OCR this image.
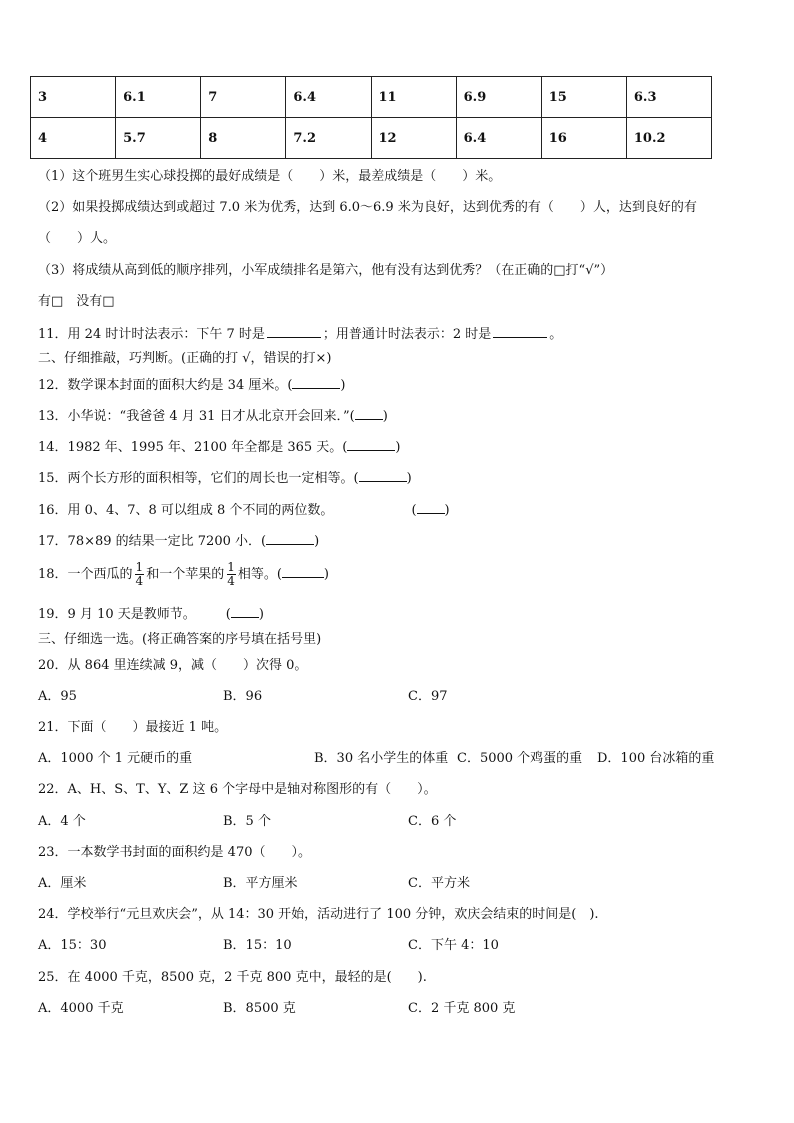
3	6.1	7	6.4	11	6.9	15	6.3
4	5.7	8	7.2	12	6.4	16	10.2
（1）这个班男生实心球投掷的最好成绩是（　　）米，最差成绩是（　　）米。
（2）如果投掷成绩达到或超过 7.0 米为优秀，达到 6.0～6.9 米为良好，达到优秀的有（　　）人，达到良好的有
（　　）人。
（3）将成绩从高到低的顺序排列，小军成绩排名是第六，他有没有达到优秀？（在正确的□打“√”）
有□　没有□
11．用 24 时计时法表示：下午 7 时是	；用普通计时法表示：2 时是	。
二、仔细推敲，巧判断。(正确的打 √，错误的打×)
12．数学课本封面的面积大约是 34 厘米。(	)
13．小华说：“我爸爸 4 月 31 日才从北京开会回来．”( )
14．1982 年、1995 年、2100 年全都是 365 天。(	)
15．两个长方形的面积相等，它们的周长也一定相等。(	)
16．用 0、4、7、8 可以组成 8 个不同的两位数。	( )
17．78×89 的结果一定比 7200 小．(	)
18．一个西瓜的 $\frac{1}{4}$ 和一个苹果的 $\frac{1}{4}$ 相等。(	)
19．9 月 10 天是教师节。 ( )
三、仔细选一选。(将正确答案的序号填在括号里)
20．从 864 里连续减 9，减（　　）次得 0。
A．95	B．96	C．97
21．下面（　　）最接近 1 吨。
A．1000 个 1 元硬币的重	B．30 名小学生的体重 C．5000 个鸡蛋的重	D．100 台冰箱的重
22．A、H、S、T、Y、Z 这 6 个字母中是轴对称图形的有（　　）。
A．4 个	B．5 个	C．6 个
23．一本数学书封面的面积约是 470（　　）。
A．厘米	B．平方厘米	C．平方米
24．学校举行“元旦欢庆会”，从 14：30 开始，活动进行了 100 分钟，欢庆会结束的时间是(　).
A．15：30	B．15：10	C．下午 4：10
25．在 4000 千克，8500 克，2 千克 800 克中，最轻的是(　　).
A．4000 千克	B．8500 克	C．2 千克 800 克
